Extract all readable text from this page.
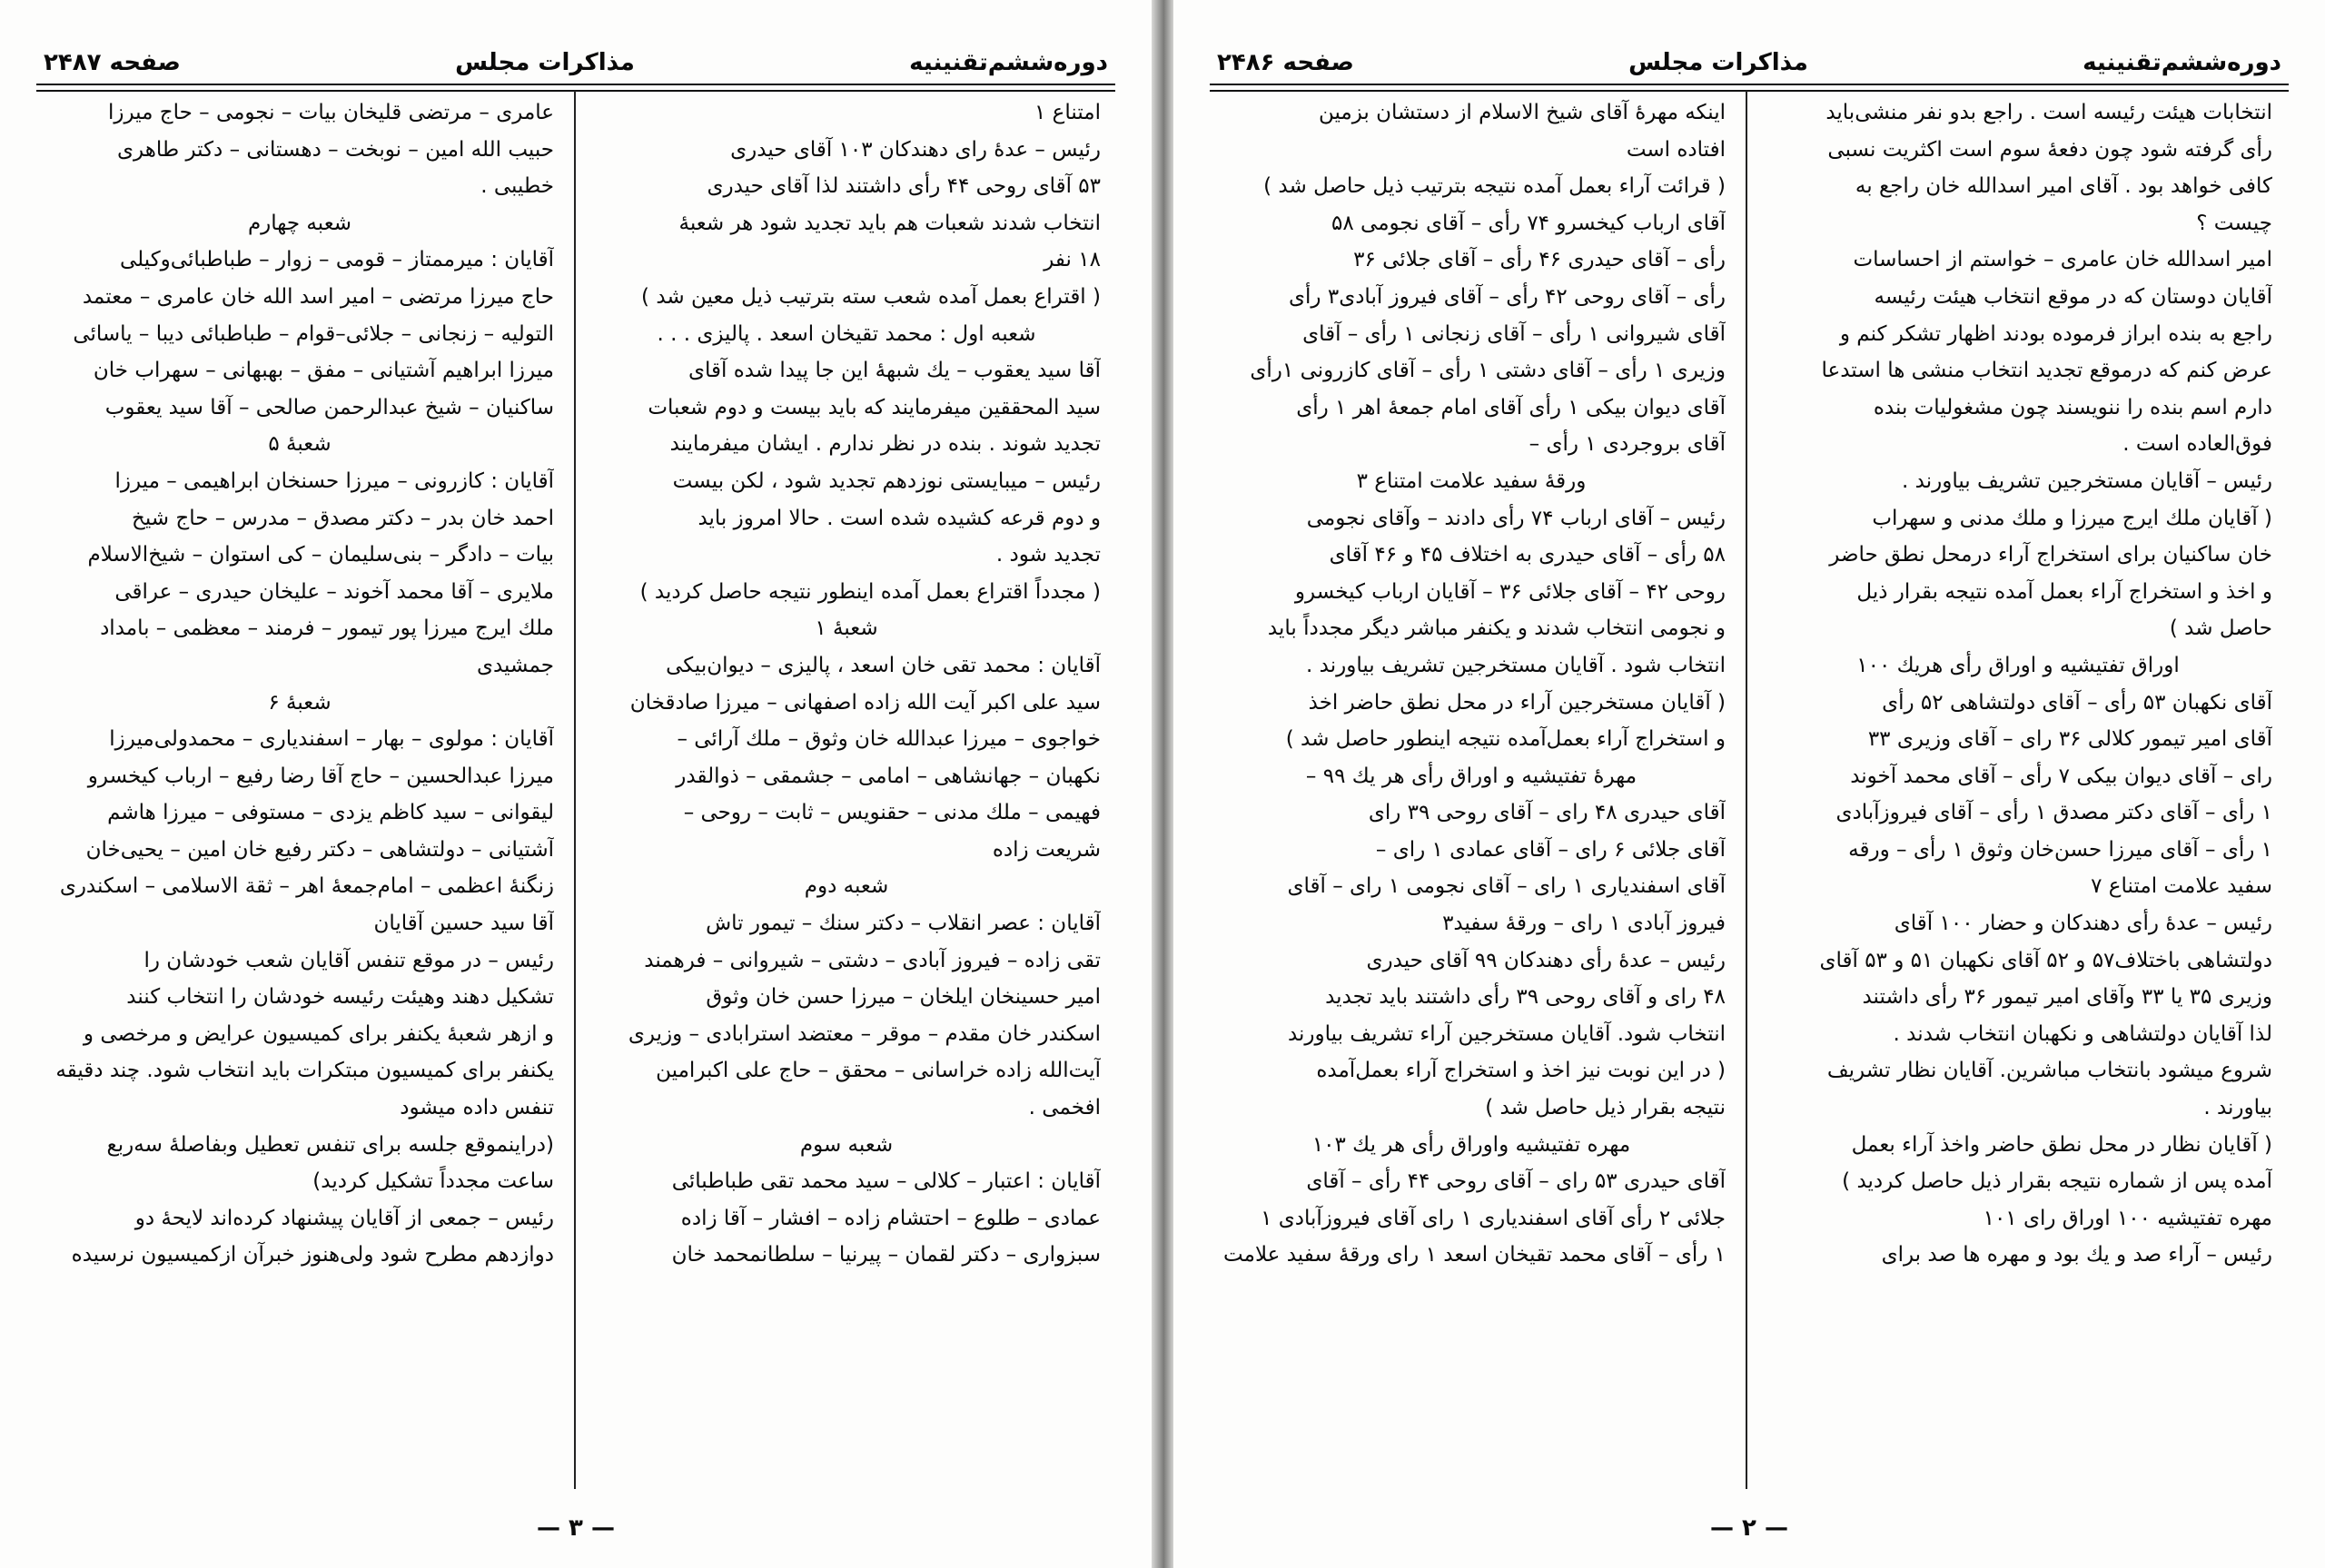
دوره‌ششم‌تقنینیه
مذاکرات مجلس
صفحه ۲۴۸۷
امتناع ۱
رئیس – عدهٔ رای دهندکان ۱۰۳ آقای حیدری
۵۳ آقای روحی ۴۴ رأی داشتند لذا آقای حیدری
انتخاب شدند شعبات هم باید تجدید شود هر شعبهٔ
۱۸ نفر
( اقتراع بعمل آمده شعب سته بترتیب ذیل معین شد )
شعبه اول : محمد تقیخان اسعد . پالیزی . . .
آقا سید یعقوب – یك شبههٔ این جا پیدا شده آقای
سید المحققین میفرمایند که باید بیست و دوم شعبات
تجدید شوند . بنده در نظر ندارم . ایشان میفرمایند
رئیس – میبایستی نوزدهم تجدید شود ، لکن بیست
و دوم قرعه کشیده شده است . حالا امروز باید
تجدید شود .
( مجدداً اقتراع بعمل آمده اینطور نتیجه حاصل کردید )
شعبهٔ ۱
آقایان : محمد تقی خان اسعد ، پالیزی – دیوان‌بیکی
سید علی اکبر آیت الله زاده اصفهانی – میرزا صادقخان
خواجوی – میرزا عبدالله خان وثوق – ملك آرائی –
نکهبان – جهانشاهی – امامی – جشمقی – ذوالقدر
فهیمی – ملك مدنی – حقنویس – ثابت – روحی –
شریعت زاده
شعبه دوم
آقایان : عصر انقلاب – دکتر سنك – تیمور تاش
تقی زاده – فیروز آبادی – دشتی – شیروانی – فرهمند
امیر حسینخان ایلخان – میرزا حسن خان وثوق
اسکندر خان مقدم – موقر – معتضد استرابادی – وزیری
آیت‌الله زاده خراسانی – محقق – حاج علی اکبرامین
افخمی .
شعبه سوم
آقایان : اعتبار – کلالی – سید محمد تقی طباطبائی
عمادی – طلوع – احتشام زاده – افشار – آقا زاده
سبزواری – دکتر لقمان – پیرنیا – سلطانمحمد خان
عامری – مرتضی قلیخان بیات – نجومی – حاج میرزا
حبیب الله امین – نوبخت – دهستانی – دکتر طاهری
خطیبی .
شعبه چهارم
آقایان : میرممتاز – قومی – زوار – طباطبائی‌وکیلی
حاج میرزا مرتضی – امیر اسد الله خان عامری – معتمد
التولیه – زنجانی – جلائی–قوام – طباطبائی دیبا – یاسائی
میرزا ابراهیم آشتیانی – مفق – بهبهانی – سهراب خان
ساکنیان – شیخ عبدالرحمن صالحی – آقا سید یعقوب
شعبهٔ ۵
آقایان : کازرونی – میرزا حسنخان ابراهیمی – میرزا
احمد خان بدر – دکتر مصدق – مدرس – حاج شیخ
بیات – دادگر – بنی‌سلیمان – کی استوان – شیخ‌الاسلام
ملایری – آقا محمد آخوند – علیخان حیدری – عراقی
ملك ایرج میرزا پور تیمور – فرمند – معظمی – بامداد
جمشیدی
شعبهٔ ۶
آقایان : مولوی – بهار – اسفندیاری – محمدولی‌میرزا
میرزا عبدالحسین – حاج آقا رضا رفیع – ارباب کیخسرو
لیقوانی – سید کاظم یزدی – مستوفی – میرزا هاشم
آشتیانی – دولتشاهی – دکتر رفیع خان امین – یحیی‌خان
زنگنهٔ اعظمی – امام‌جمعهٔ اهر – ثقة الاسلامی – اسکندری
آقا سید حسین آقایان
رئیس – در موقع تنفس آقایان شعب خودشان را
تشکیل دهند وهیئت رئیسه خودشان را انتخاب کنند
و ازهر شعبهٔ یکنفر برای کمیسیون عرایض و مرخصی و
یکنفر برای کمیسیون مبتکرات باید انتخاب شود. چند دقیقه
تنفس داده میشود
(دراینموقع جلسه برای تنفس تعطیل وبفاصلهٔ سه‌ربع
ساعت مجدداً تشکیل کردید)
رئیس – جمعی از آقایان پیشنهاد کرده‌اند لایحهٔ دو
دوازدهم مطرح شود ولی‌هنوز خبرآن ازکمیسیون نرسیده
— ۳ —
دوره‌ششم‌تقنینیه
مذاکرات مجلس
صفحه ۲۴۸۶
انتخابات هیئت رئیسه است . راجع بدو نفر منشی‌باید
رأی گرفته شود چون دفعهٔ سوم است اکثریت نسبی
کافی خواهد بود . آقای امیر اسدالله خان راجع به
چیست ؟
امیر اسدالله خان عامری – خواستم از احساسات
آقایان دوستان که در موقع انتخاب هیئت رئیسه
راجع به بنده ابراز فرموده بودند اظهار تشکر کنم و
عرض کنم که درموقع تجدید انتخاب منشی ها استدعا
دارم اسم بنده را ننویسند چون مشغولیات بنده
فوق‌العاده است .
رئیس – آقایان مستخرجین تشریف بیاورند .
( آقایان ملك ایرج میرزا و ملك مدنی و سهراب
خان ساکنیان برای استخراج آراء درمحل نطق حاضر
و اخذ و استخراج آراء بعمل آمده نتیجه بقرار ذیل
حاصل شد )
اوراق تفتیشیه و اوراق رأی هریك ۱۰۰
آقای نکهبان ۵۳ رأی – آقای دولتشاهی ۵۲ رأی
آقای امیر تیمور کلالی ۳۶ رای – آقای وزیری ۳۳
رای – آقای دیوان بیکی ۷ رأی – آقای محمد آخوند
۱ رأی – آقای دکتر مصدق ۱ رأی – آقای فیروزآبادی
۱ رأی – آقای میرزا حسن‌خان وثوق ۱ رأی – ورقه
سفید علامت امتناع ۷
رئیس – عدهٔ رأی دهندکان و حضار ۱۰۰ آقای
دولتشاهی باختلاف۵۷ و ۵۲ آقای نکهبان ۵۱ و ۵۳ آقای
وزیری ۳۵ یا ۳۳ وآقای امیر تیمور ۳۶ رأی داشتند
لذا آقایان دولتشاهی و نکهبان انتخاب شدند .
شروع میشود بانتخاب مباشرین. آقایان نظار تشریف
بیاورند .
( آقایان نظار در محل نطق حاضر واخذ آراء بعمل
آمده پس از شماره نتیجه بقرار ذیل حاصل کردید )
مهره تفتیشیه ۱۰۰ اوراق رای ۱۰۱
رئیس – آراء صد و یك بود و مهره ها صد برای
اینکه مهرهٔ آقای شیخ الاسلام از دستشان بزمین
افتاده است
( قرائت آراء بعمل آمده نتیجه بترتیب ذیل حاصل شد )
آقای ارباب کیخسرو ۷۴ رأی – آقای نجومی ۵۸
رأی – آقای حیدری ۴۶ رأی – آقای جلائی ۳۶
رأی – آقای روحی ۴۲ رأی – آقای فیروز آبادی۳ رأی
آقای شیروانی ۱ رأی – آقای زنجانی ۱ رأی – آقای
وزیری ۱ رأی – آقای دشتی ۱ رأی – آقای کازرونی ۱رأی
آقای دیوان بیکی ۱ رأی آقای امام جمعهٔ اهر ۱ رأی
آقای بروجردی ۱ رأی –
ورقهٔ سفید علامت امتناع ۳
رئیس – آقای ارباب ۷۴ رأی دادند – وآقای نجومی
۵۸ رأی – آقای حیدری به اختلاف ۴۵ و ۴۶ آقای
روحی ۴۲ – آقای جلائی ۳۶ – آقایان ارباب کیخسرو
و نجومی انتخاب شدند و یکنفر مباشر دیگر مجدداً باید
انتخاب شود . آقایان مستخرجین تشریف بیاورند .
( آقایان مستخرجین آراء در محل نطق حاضر اخذ
و استخراج آراء بعمل‌آمده نتیجه اینطور حاصل شد )
مهرهٔ تفتیشیه و اوراق رأی هر یك ۹۹ –
آقای حیدری ۴۸ رای – آقای روحی ۳۹ رای
آقای جلائی ۶ رای – آقای عمادی ۱ رای –
آقای اسفندیاری ۱ رای – آقای نجومی ۱ رای – آقای
فیروز آبادی ۱ رای – ورقهٔ سفید۳
رئیس – عدهٔ رأی دهندکان ۹۹ آقای حیدری
۴۸ رای و آقای روحی ۳۹ رأی داشتند باید تجدید
انتخاب شود. آقایان مستخرجین آراء تشریف بیاورند
( در این نوبت نیز اخذ و استخراج آراء بعمل‌آمده
نتیجه بقرار ذیل حاصل شد )
مهره تفتیشیه واوراق رأی هر یك ۱۰۳
آقای حیدری ۵۳ رای – آقای روحی ۴۴ رأی – آقای
جلائی ۲ رأی آقای اسفندیاری ۱ رای آقای فیروزآبادی ۱
۱ رأی – آقای محمد تقیخان اسعد ۱ رای ورقهٔ سفید علامت
— ۲ —
